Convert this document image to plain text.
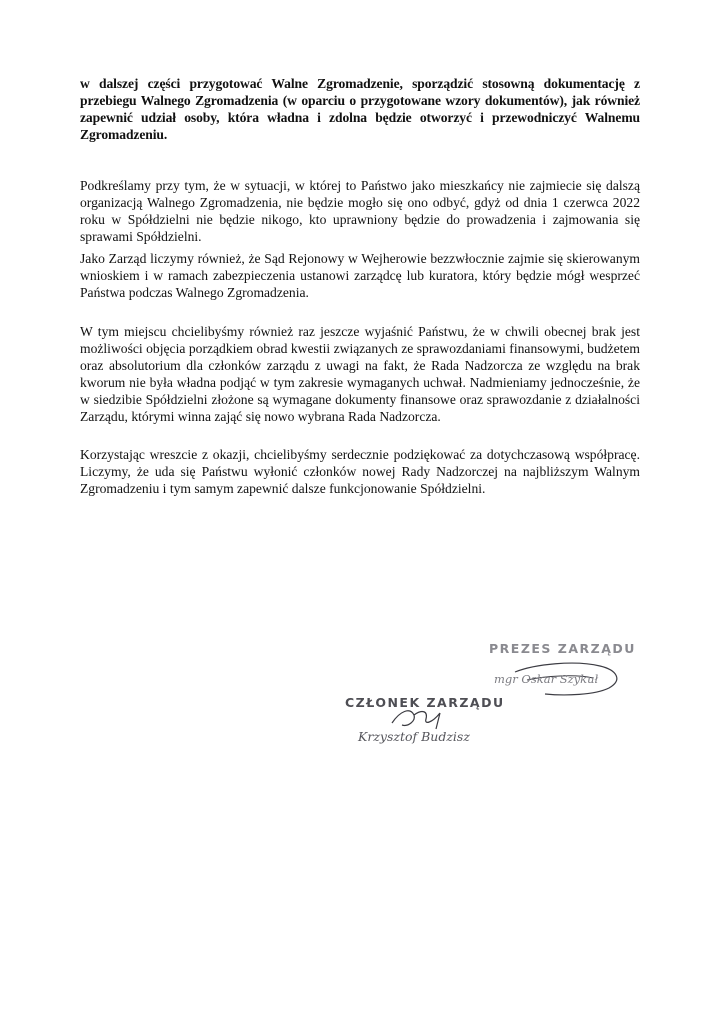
w dalszej części przygotować Walne Zgromadzenie, sporządzić stosowną dokumentację z przebiegu Walnego Zgromadzenia (w oparciu o przygotowane wzory dokumentów), jak również zapewnić udział osoby, która władna i zdolna będzie otworzyć i przewodniczyć Walnemu Zgromadzeniu.

Podkreślamy przy tym, że w sytuacji, w której to Państwo jako mieszkańcy nie zajmiecie się dalszą organizacją Walnego Zgromadzenia, nie będzie mogło się ono odbyć, gdyż od dnia 1 czerwca 2022 roku w Spółdzielni nie będzie nikogo, kto uprawniony będzie do prowadzenia i zajmowania się sprawami Spółdzielni.

Jako Zarząd liczymy również, że Sąd Rejonowy w Wejherowie bezzwłocznie zajmie się skierowanym wnioskiem i w ramach zabezpieczenia ustanowi zarządcę lub kuratora, który będzie mógł wesprzeć Państwa podczas Walnego Zgromadzenia.

W tym miejscu chcielibyśmy również raz jeszcze wyjaśnić Państwu, że w chwili obecnej brak jest możliwości objęcia porządkiem obrad kwestii związanych ze sprawozdaniami finansowymi, budżetem oraz absolutorium dla członków zarządu z uwagi na fakt, że Rada Nadzorcza ze względu na brak kworum nie była władna podjąć w tym zakresie wymaganych uchwał. Nadmieniamy jednocześnie, że w siedzibie Spółdzielni złożone są wymagane dokumenty finansowe oraz sprawozdanie z działalności Zarządu, którymi winna zająć się nowo wybrana Rada Nadzorcza.

Korzystając wreszcie z okazji, chcielibyśmy serdecznie podziękować za dotychczasową współpracę. Liczymy, że uda się Państwu wyłonić członków nowej Rady Nadzorczej na najbliższym Walnym Zgromadzeniu i tym samym zapewnić dalsze funkcjonowanie Spółdzielni.

PREZES ZARZĄDU
mgr Oskar Szykuł
CZŁONEK ZARZĄDU
Krzysztof Budzisz
